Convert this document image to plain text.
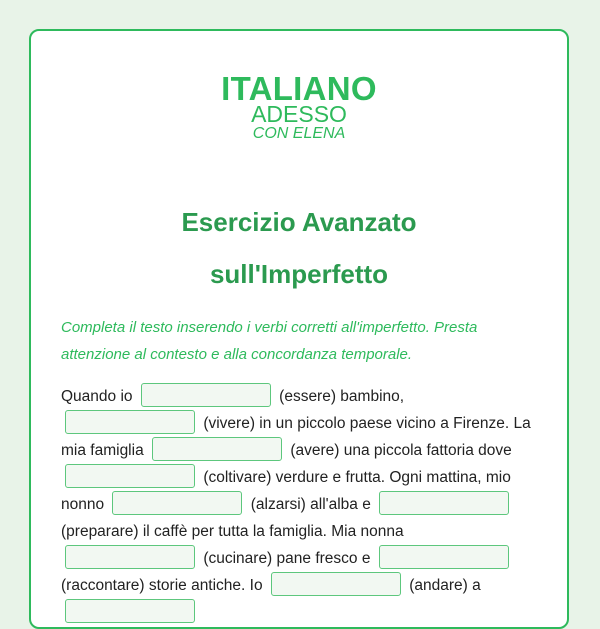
ITALIANO
ADESSO
CON ELENA
Esercizio Avanzato
sull'Imperfetto
Completa il testo inserendo i verbi corretti all'imperfetto. Presta attenzione al contesto e alla concordanza temporale.
Quando io	(essere) bambino,  (vivere) in un piccolo paese vicino a Firenze. La mia famiglia	(avere) una piccola fattoria dove  (coltivare) verdure e frutta. Ogni mattina, mio nonno	(alzarsi) all'alba e  (preparare) il caffè per tutta la famiglia. Mia nonna  (cucinare) pane fresco e  (raccontare) storie antiche. Io	(andare) a
